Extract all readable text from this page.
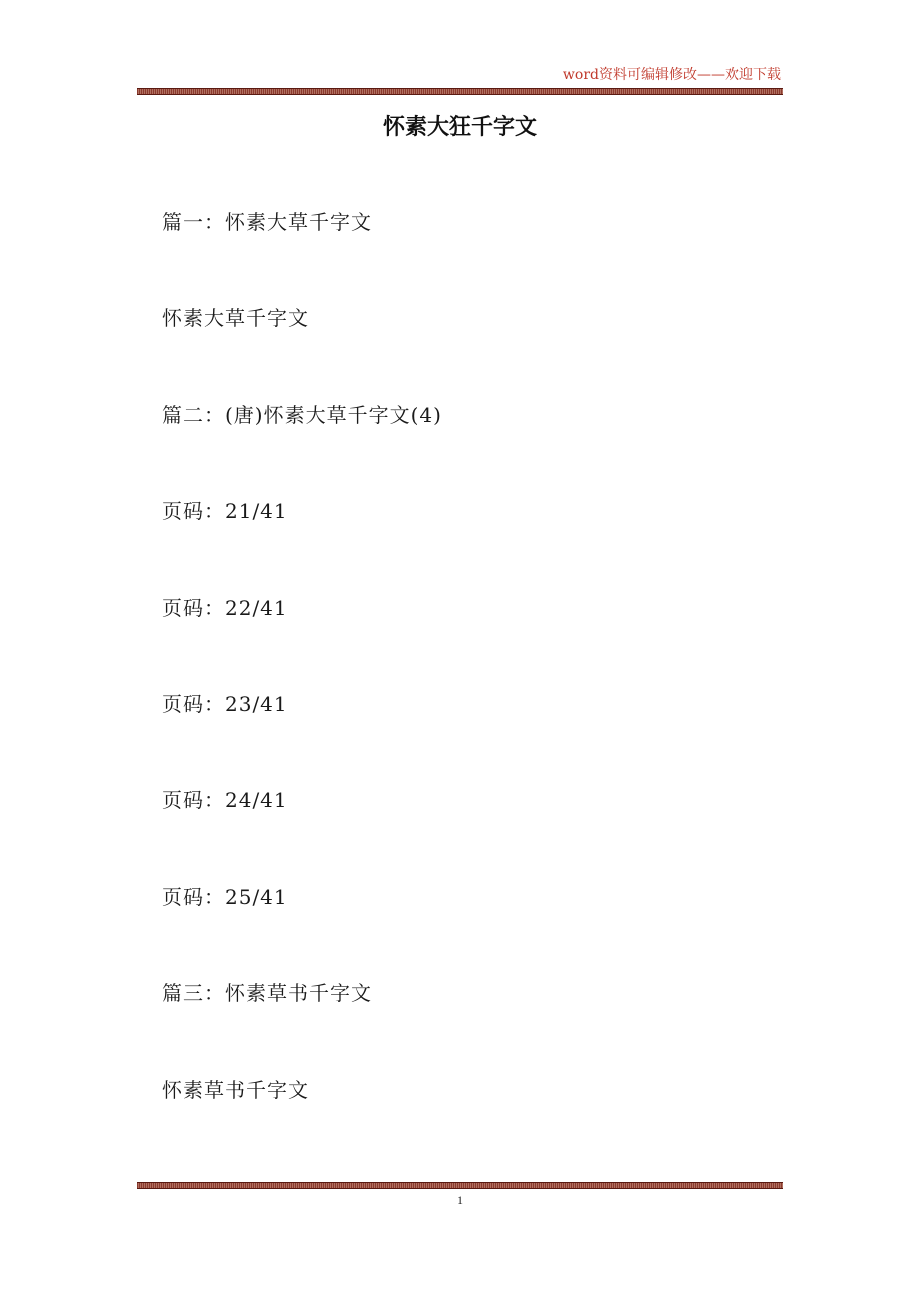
word资料可编辑修改——欢迎下载
怀素大狂千字文
篇一：怀素大草千字文
怀素大草千字文
篇二：(唐)怀素大草千字文(4)
页码：21/41
页码：22/41
页码：23/41
页码：24/41
页码：25/41
篇三：怀素草书千字文
怀素草书千字文
1
